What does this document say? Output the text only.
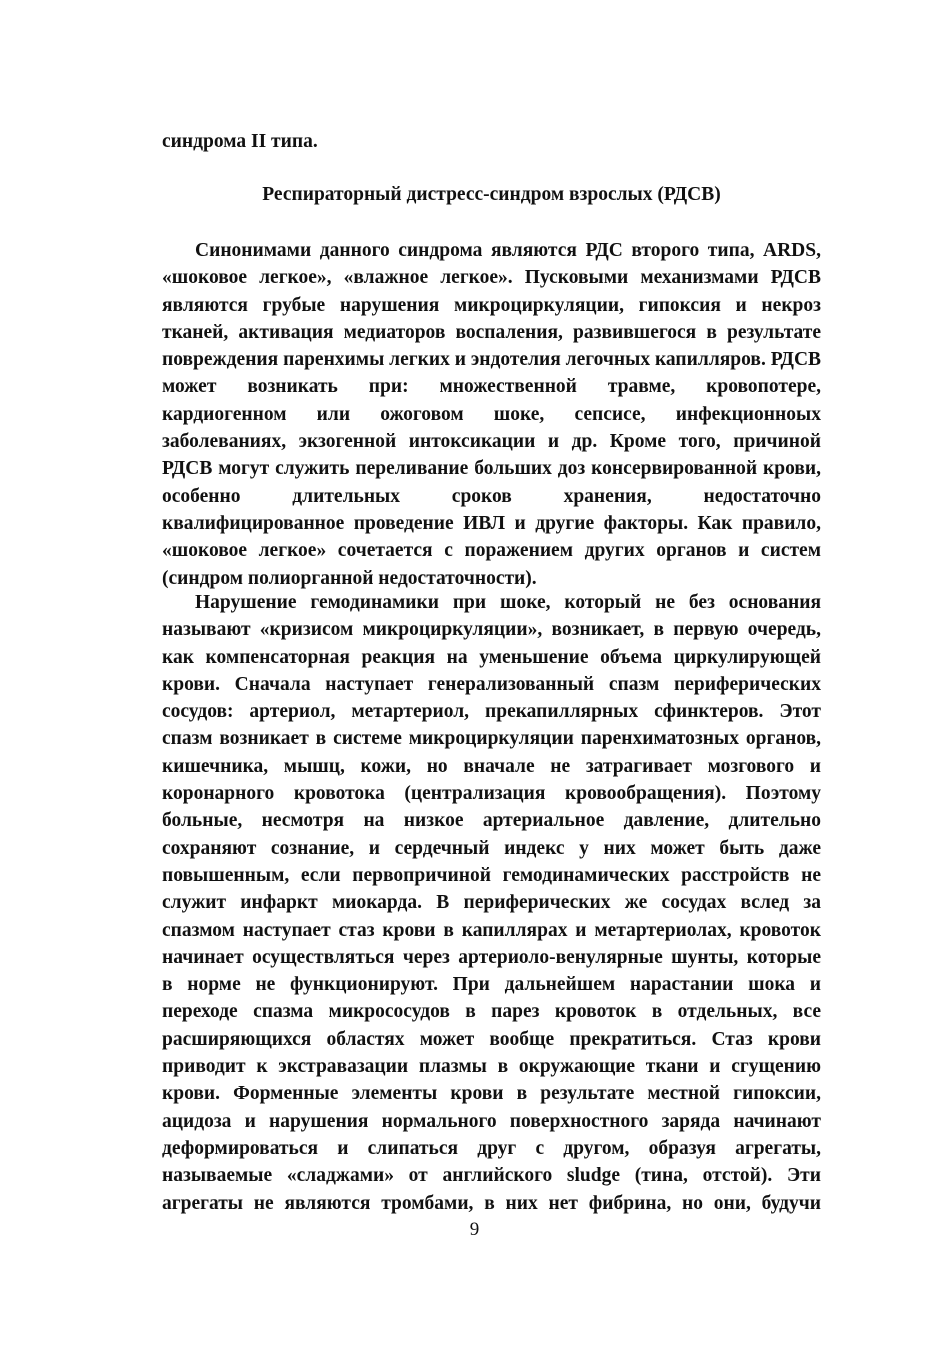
синдрома II типа.
Респираторный дистресс-синдром взрослых (РДСВ)
Синонимами данного синдрома являются РДС второго типа, ARDS,
«шоковое легкое», «влажное легкое». Пусковыми механизмами РДСВ
являются грубые нарушения микроциркуляции, гипоксия и некроз
тканей, активация медиаторов воспаления, развившегося в результате
повреждения паренхимы легких и эндотелия легочных капилляров. РДСВ
может возникать при: множественной травме, кровопотере,
кардиогенном или ожоговом шоке, сепсисе, инфекционноых
заболеваниях, экзогенной интоксикации и др. Кроме того, причиной
РДСВ могут служить переливание больших доз консервированной крови,
особенно длительных сроков хранения, недостаточно
квалифицированное проведение ИВЛ и другие факторы. Как правило,
«шоковое легкое» сочетается с поражением других органов и систем
(синдром полиорганной недостаточности).
Нарушение гемодинамики при шоке, который не без основания
называют «кризисом микроциркуляции», возникает, в первую очередь,
как компенсаторная реакция на уменьшение объема циркулирующей
крови. Сначала наступает генерализованный спазм периферических
сосудов: артериол, метартериол, прекапиллярных сфинктеров. Этот
спазм возникает в системе микроциркуляции паренхиматозных органов,
кишечника, мышц, кожи, но вначале не затрагивает мозгового и
коронарного кровотока (централизация кровообращения). Поэтому
больные, несмотря на низкое артериальное давление, длительно
сохраняют сознание, и сердечный индекс у них может быть даже
повышенным, если первопричиной гемодинамических расстройств не
служит инфаркт миокарда. В периферических же сосудах вслед за
спазмом наступает стаз крови в капиллярах и метартериолах, кровоток
начинает осуществляться через артериоло-венулярные шунты, которые
в норме не функционируют. При дальнейшем нарастании шока и
переходе спазма микрососудов в парез кровоток в отдельных, все
расширяющихся областях может вообще прекратиться. Стаз крови
приводит к экстравазации плазмы в окружающие ткани и сгущению
крови. Форменные элементы крови в результате местной гипоксии,
ацидоза и нарушения нормального поверхностного заряда начинают
деформироваться и слипаться друг с другом, образуя агрегаты,
называемые «сладжами» от английского sludge (тина, отстой). Эти
агрегаты не являются тромбами, в них нет фибрина, но они, будучи
9
